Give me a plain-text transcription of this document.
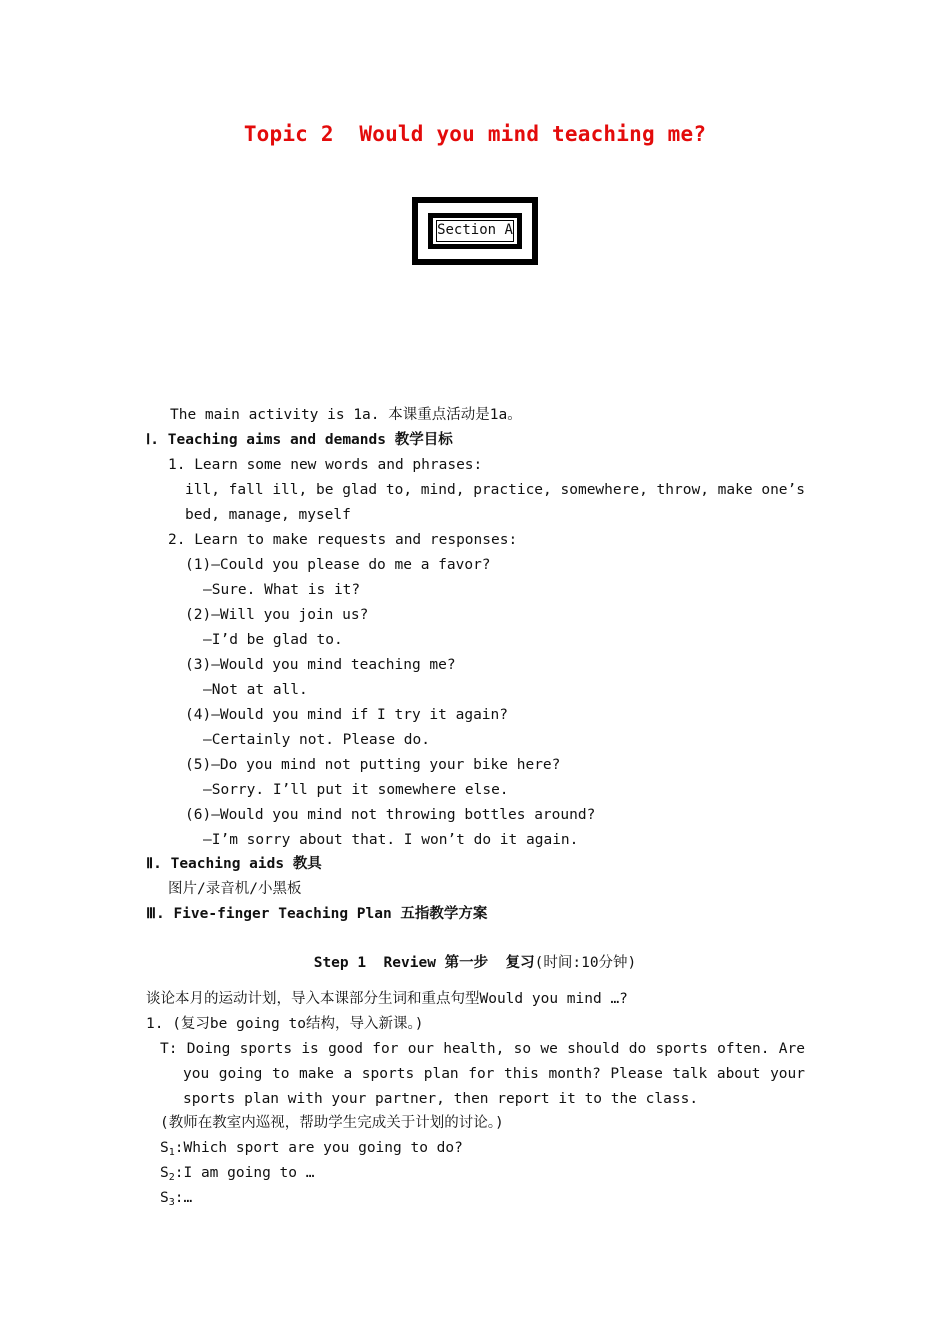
Topic 2  Would you mind teaching me?
Section A
The main activity is 1a. 本课重点活动是1a。
Ⅰ. Teaching aims and demands 教学目标
1. Learn some new words and phrases:
ill, fall ill, be glad to, mind, practice, somewhere, throw, make one’s
bed, manage, myself
2. Learn to make requests and responses:
(1)—Could you please do me a favor?
—Sure. What is it?
(2)—Will you join us?
—I’d be glad to.
(3)—Would you mind teaching me?
—Not at all.
(4)—Would you mind if I try it again?
—Certainly not. Please do.
(5)—Do you mind not putting your bike here?
—Sorry. I’ll put it somewhere else.
(6)—Would you mind not throwing bottles around?
—I’m sorry about that. I won’t do it again.
Ⅱ. Teaching aids 教具
图片/录音机/小黑板
Ⅲ. Five-finger Teaching Plan 五指教学方案
Step 1  Review 第一步  复习(时间:10分钟)
谈论本月的运动计划，导入本课部分生词和重点句型Would you mind …?
1. (复习be going to结构，导入新课。)
T: Doing sports is good for our health, so we should do sports often. Are
you going to make a sports plan for this month? Please talk about your
sports plan with your partner, then report it to the class.
(教师在教室内巡视，帮助学生完成关于计划的讨论。)
$S_1:Which$ sport are you going to do?
$S_2:I$ am going to …
$S_3:\dots$
